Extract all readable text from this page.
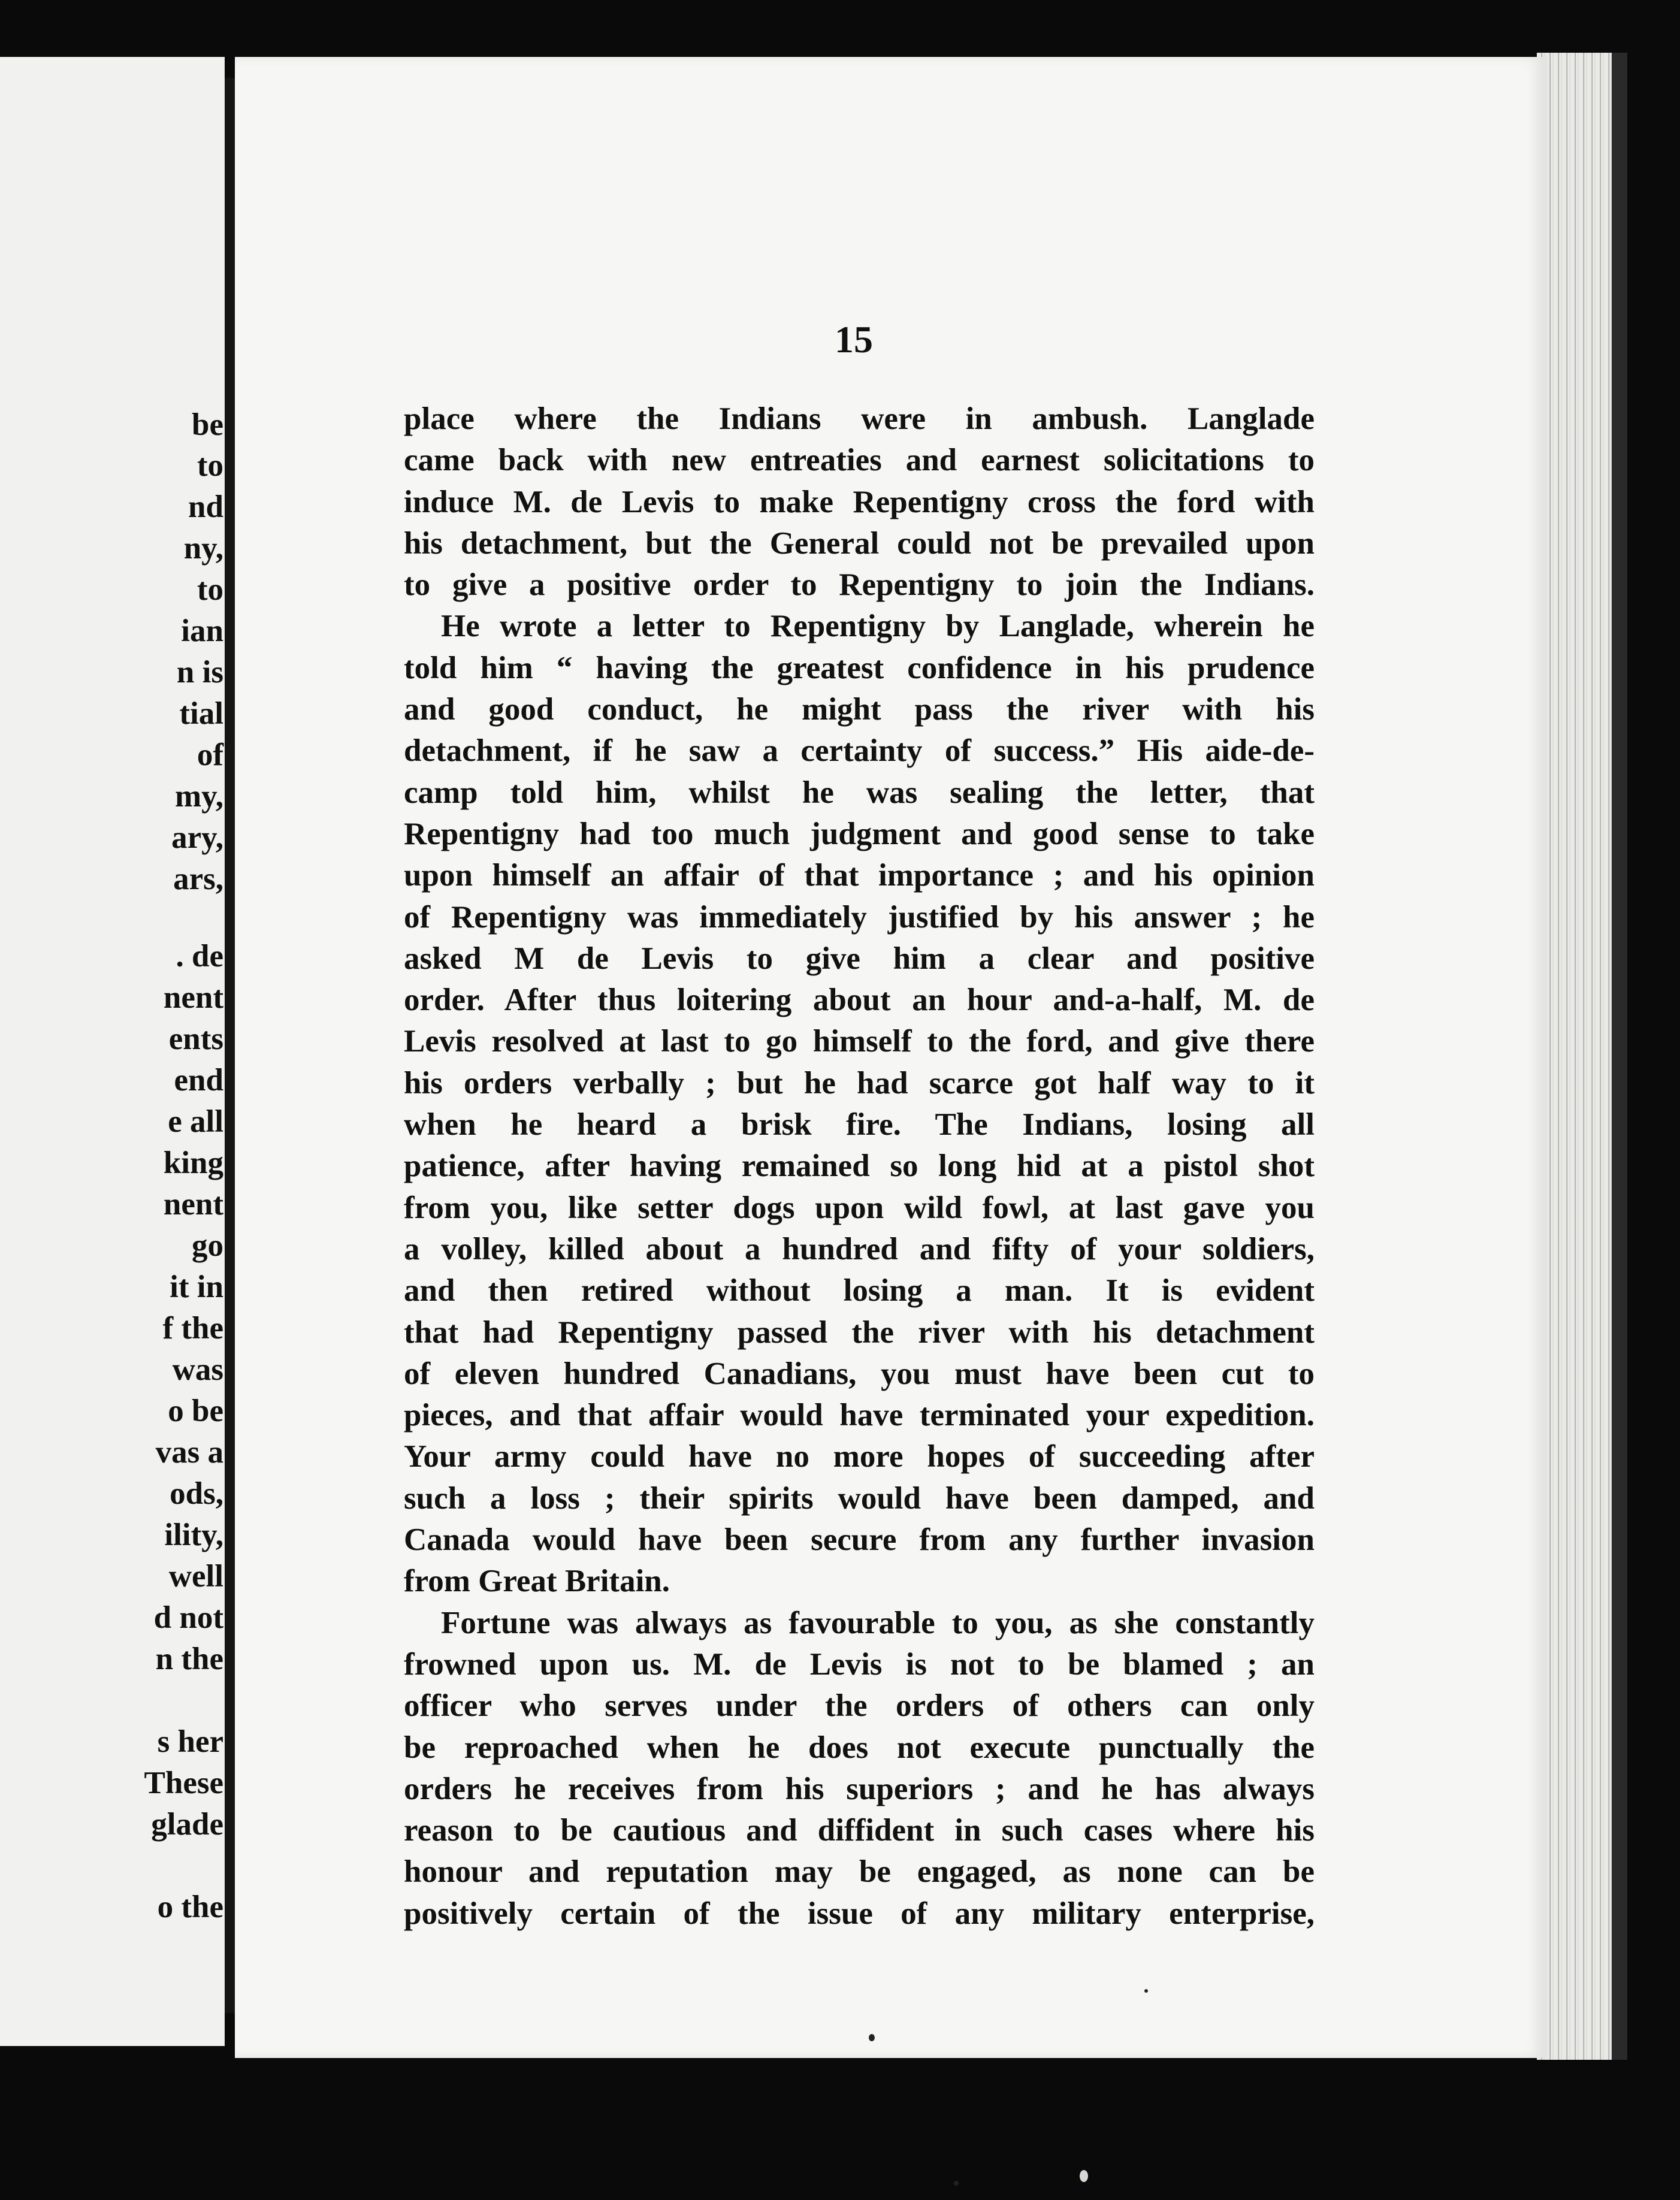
be

to

nd

ny,

to

ian

n is

tial

of

my,

ary,

ars,

. de

nent

ents

end

e all

king

nent

go

it in

f the

was

o be

vas a

ods,

ility,

well

d not

n the

s her

These

glade

o the

15
place where the Indians were in ambush. Langlade
came back with new entreaties and earnest solicitations to
induce M. de Levis to make Repentigny cross the ford with
his detachment, but the General could not be prevailed upon
to give a positive order to Repentigny to join the Indians.
He wrote a letter to Repentigny by Langlade, wherein he
told him “ having the greatest confidence in his prudence
and good conduct, he might pass the river with his
detachment, if he saw a certainty of success.” His aide-de-
camp told him, whilst he was sealing the letter, that
Repentigny had too much judgment and good sense to take
upon himself an affair of that importance ; and his opinion
of Repentigny was immediately justified by his answer ; he
asked M de Levis to give him a clear and positive
order. After thus loitering about an hour and-a-half, M. de
Levis resolved at last to go himself to the ford, and give there
his orders verbally ; but he had scarce got half way to it
when he heard a brisk fire. The Indians, losing all
patience, after having remained so long hid at a pistol shot
from you, like setter dogs upon wild fowl, at last gave you
a volley, killed about a hundred and fifty of your soldiers,
and then retired without losing a man. It is evident
that had Repentigny passed the river with his detachment
of eleven hundred Canadians, you must have been cut to
pieces, and that affair would have terminated your expedition.
Your army could have no more hopes of succeeding after
such a loss ; their spirits would have been damped, and
Canada would have been secure from any further invasion
from Great Britain.
Fortune was always as favourable to you, as she constantly
frowned upon us. M. de Levis is not to be blamed ; an
officer who serves under the orders of others can only
be reproached when he does not execute punctually the
orders he receives from his superiors ; and he has always
reason to be cautious and diffident in such cases where his
honour and reputation may be engaged, as none can be
positively certain of the issue of any military enterprise,
